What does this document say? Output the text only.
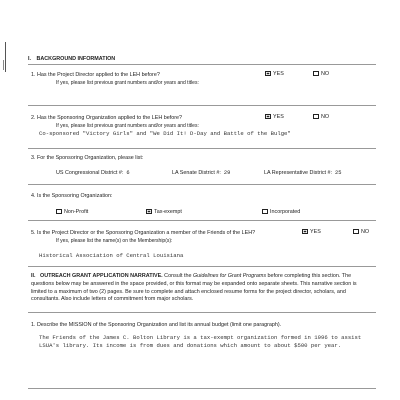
I. BACKGROUND INFORMATION
1. Has the Project Director applied to the LEH before?
If yes, please list previous grant numbers and/or years and titles:
YES	NO
2. Has the Sponsoring Organization applied to the LEH before?
If yes, please list previous grant numbers and/or years and titles:
Co-sponsored "Victory Girls" and "We Did It! D-Day and Battle of the Bulge"
YES	NO
3. For the Sponsoring Organization, please list:
US Congressional District #: 6	LA Senate District #: 29	LA Representative District #: 25
4. Is the Sponsoring Organization:
Non-Profit	Tax-exempt	Incorporated
5. Is the Project Director or the Sponsoring Organization a member of the Friends of the LEH?
If yes, please list the name(s) on the Membership(s):
YES	NO
Historical Association of Central Louisiana
II. OUTREACH GRANT APPLICATION NARRATIVE. Consult the Guidelines for Grant Programs before completing this section. The questions below may be answered in the space provided, or this format may be expanded onto separate sheets. This narrative section is limited to a maximum of two (2) pages. Be sure to complete and attach enclosed resume forms for the project director, scholars, and consultants. Also include letters of commitment from major scholars.
1. Describe the MISSION of the Sponsoring Organization and list its annual budget (limit one paragraph).
The Friends of the James C. Bolton Library is a tax-exempt organization formed in 1996 to assist LSUA's library. Its income is from dues and donations which amount to about $500 per year.
